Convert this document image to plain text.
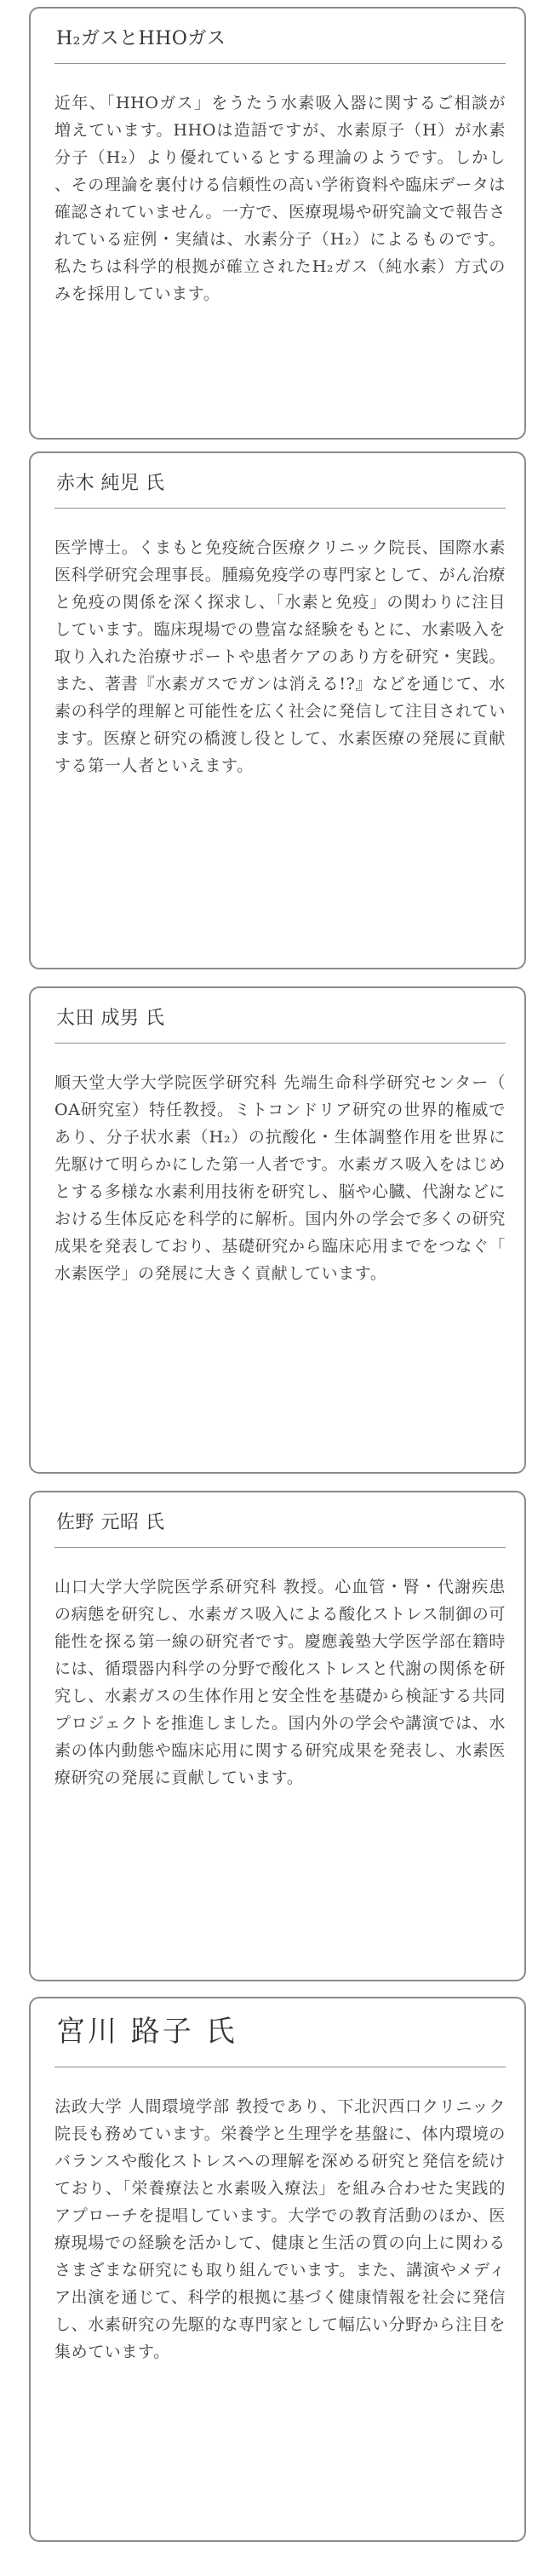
H₂ガスとHHOガス

近年、「HHOガス」をうたう水素吸入器に関するご相談が増えています。HHOは造語ですが、水素原子（H）が水素分子（H₂）より優れているとする理論のようです。しかし、その理論を裏付ける信頼性の高い学術資料や臨床データは確認されていません。一方で、医療現場や研究論文で報告されている症例・実績は、水素分子（H₂）によるものです。私たちは科学的根拠が確立されたH₂ガス（純水素）方式のみを採用しています。

赤木 純児 氏

医学博士。くまもと免疫統合医療クリニック院長、国際水素医科学研究会理事長。腫瘍免疫学の専門家として、がん治療と免疫の関係を深く探求し、「水素と免疫」の関わりに注目しています。臨床現場での豊富な経験をもとに、水素吸入を取り入れた治療サポートや患者ケアのあり方を研究・実践。また、著書『水素ガスでガンは消える!?』などを通じて、水素の科学的理解と可能性を広く社会に発信して注目されています。医療と研究の橋渡し役として、水素医療の発展に貢献する第一人者といえます。

太田 成男 氏

順天堂大学大学院医学研究科 先端生命科学研究センター（OA研究室）特任教授。ミトコンドリア研究の世界的権威であり、分子状水素（H₂）の抗酸化・生体調整作用を世界に先駆けて明らかにした第一人者です。水素ガス吸入をはじめとする多様な水素利用技術を研究し、脳や心臓、代謝などにおける生体反応を科学的に解析。国内外の学会で多くの研究成果を発表しており、基礎研究から臨床応用までをつなぐ「水素医学」の発展に大きく貢献しています。

佐野 元昭 氏

山口大学大学院医学系研究科 教授。心血管・腎・代謝疾患の病態を研究し、水素ガス吸入による酸化ストレス制御の可能性を探る第一線の研究者です。慶應義塾大学医学部在籍時には、循環器内科学の分野で酸化ストレスと代謝の関係を研究し、水素ガスの生体作用と安全性を基礎から検証する共同プロジェクトを推進しました。国内外の学会や講演では、水素の体内動態や臨床応用に関する研究成果を発表し、水素医療研究の発展に貢献しています。

宮川 路子 氏

法政大学 人間環境学部 教授であり、下北沢西口クリニック 院長も務めています。栄養学と生理学を基盤に、体内環境のバランスや酸化ストレスへの理解を深める研究と発信を続けており、「栄養療法と水素吸入療法」を組み合わせた実践的アプローチを提唱しています。大学での教育活動のほか、医療現場での経験を活かして、健康と生活の質の向上に関わるさまざまな研究にも取り組んでいます。また、講演やメディア出演を通じて、科学的根拠に基づく健康情報を社会に発信し、水素研究の先駆的な専門家として幅広い分野から注目を集めています。
